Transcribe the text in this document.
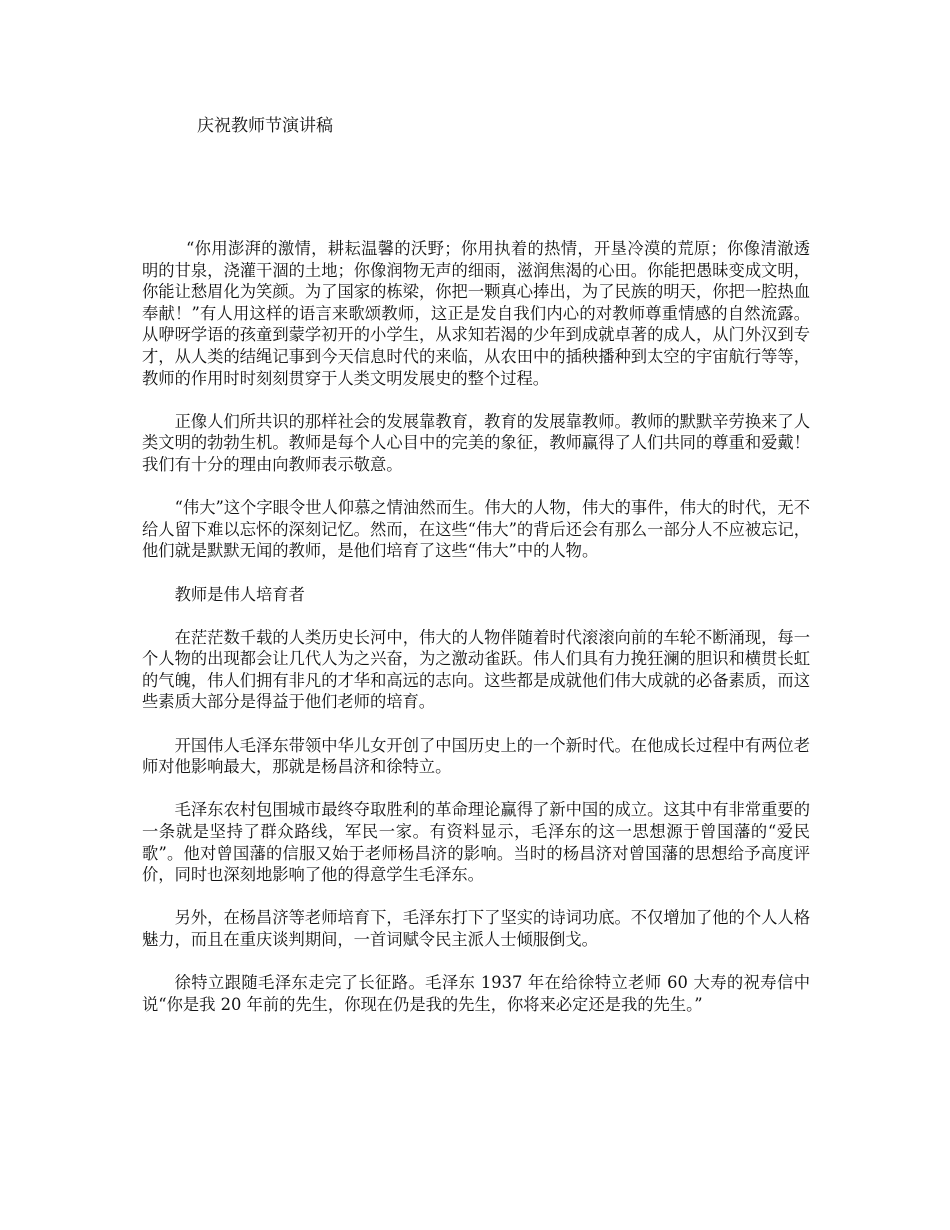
庆祝教师节演讲稿

“你用澎湃的激情，耕耘温馨的沃野；你用执着的热情，开垦冷漠的荒原；你像清澈透明的甘泉，浇灌干涸的土地；你像润物无声的细雨，滋润焦渴的心田。你能把愚昧变成文明，你能让愁眉化为笑颜。为了国家的栋梁，你把一颗真心捧出，为了民族的明天，你把一腔热血奉献！”有人用这样的语言来歌颂教师，这正是发自我们内心的对教师尊重情感的自然流露。从咿呀学语的孩童到蒙学初开的小学生，从求知若渴的少年到成就卓著的成人，从门外汉到专才，从人类的结绳记事到今天信息时代的来临，从农田中的插秧播种到太空的宇宙航行等等，教师的作用时时刻刻贯穿于人类文明发展史的整个过程。

正像人们所共识的那样社会的发展靠教育，教育的发展靠教师。教师的默默辛劳换来了人类文明的勃勃生机。教师是每个人心目中的完美的象征，教师赢得了人们共同的尊重和爱戴！我们有十分的理由向教师表示敬意。

“伟大”这个字眼令世人仰慕之情油然而生。伟大的人物，伟大的事件，伟大的时代，无不给人留下难以忘怀的深刻记忆。然而，在这些“伟大”的背后还会有那么一部分人不应被忘记，他们就是默默无闻的教师，是他们培育了这些“伟大”中的人物。

教师是伟人培育者

在茫茫数千载的人类历史长河中，伟大的人物伴随着时代滚滚向前的车轮不断涌现，每一个人物的出现都会让几代人为之兴奋，为之激动雀跃。伟人们具有力挽狂澜的胆识和横贯长虹的气魄，伟人们拥有非凡的才华和高远的志向。这些都是成就他们伟大成就的必备素质，而这些素质大部分是得益于他们老师的培育。

开国伟人毛泽东带领中华儿女开创了中国历史上的一个新时代。在他成长过程中有两位老师对他影响最大，那就是杨昌济和徐特立。

毛泽东农村包围城市最终夺取胜利的革命理论赢得了新中国的成立。这其中有非常重要的一条就是坚持了群众路线，军民一家。有资料显示，毛泽东的这一思想源于曾国藩的“爱民歌”。他对曾国藩的信服又始于老师杨昌济的影响。当时的杨昌济对曾国藩的思想给予高度评价，同时也深刻地影响了他的得意学生毛泽东。

另外，在杨昌济等老师培育下，毛泽东打下了坚实的诗词功底。不仅增加了他的个人人格魅力，而且在重庆谈判期间，一首词赋令民主派人士倾服倒戈。

徐特立跟随毛泽东走完了长征路。毛泽东 1937 年在给徐特立老师 60 大寿的祝寿信中说“你是我 20 年前的先生，你现在仍是我的先生，你将来必定还是我的先生。”
